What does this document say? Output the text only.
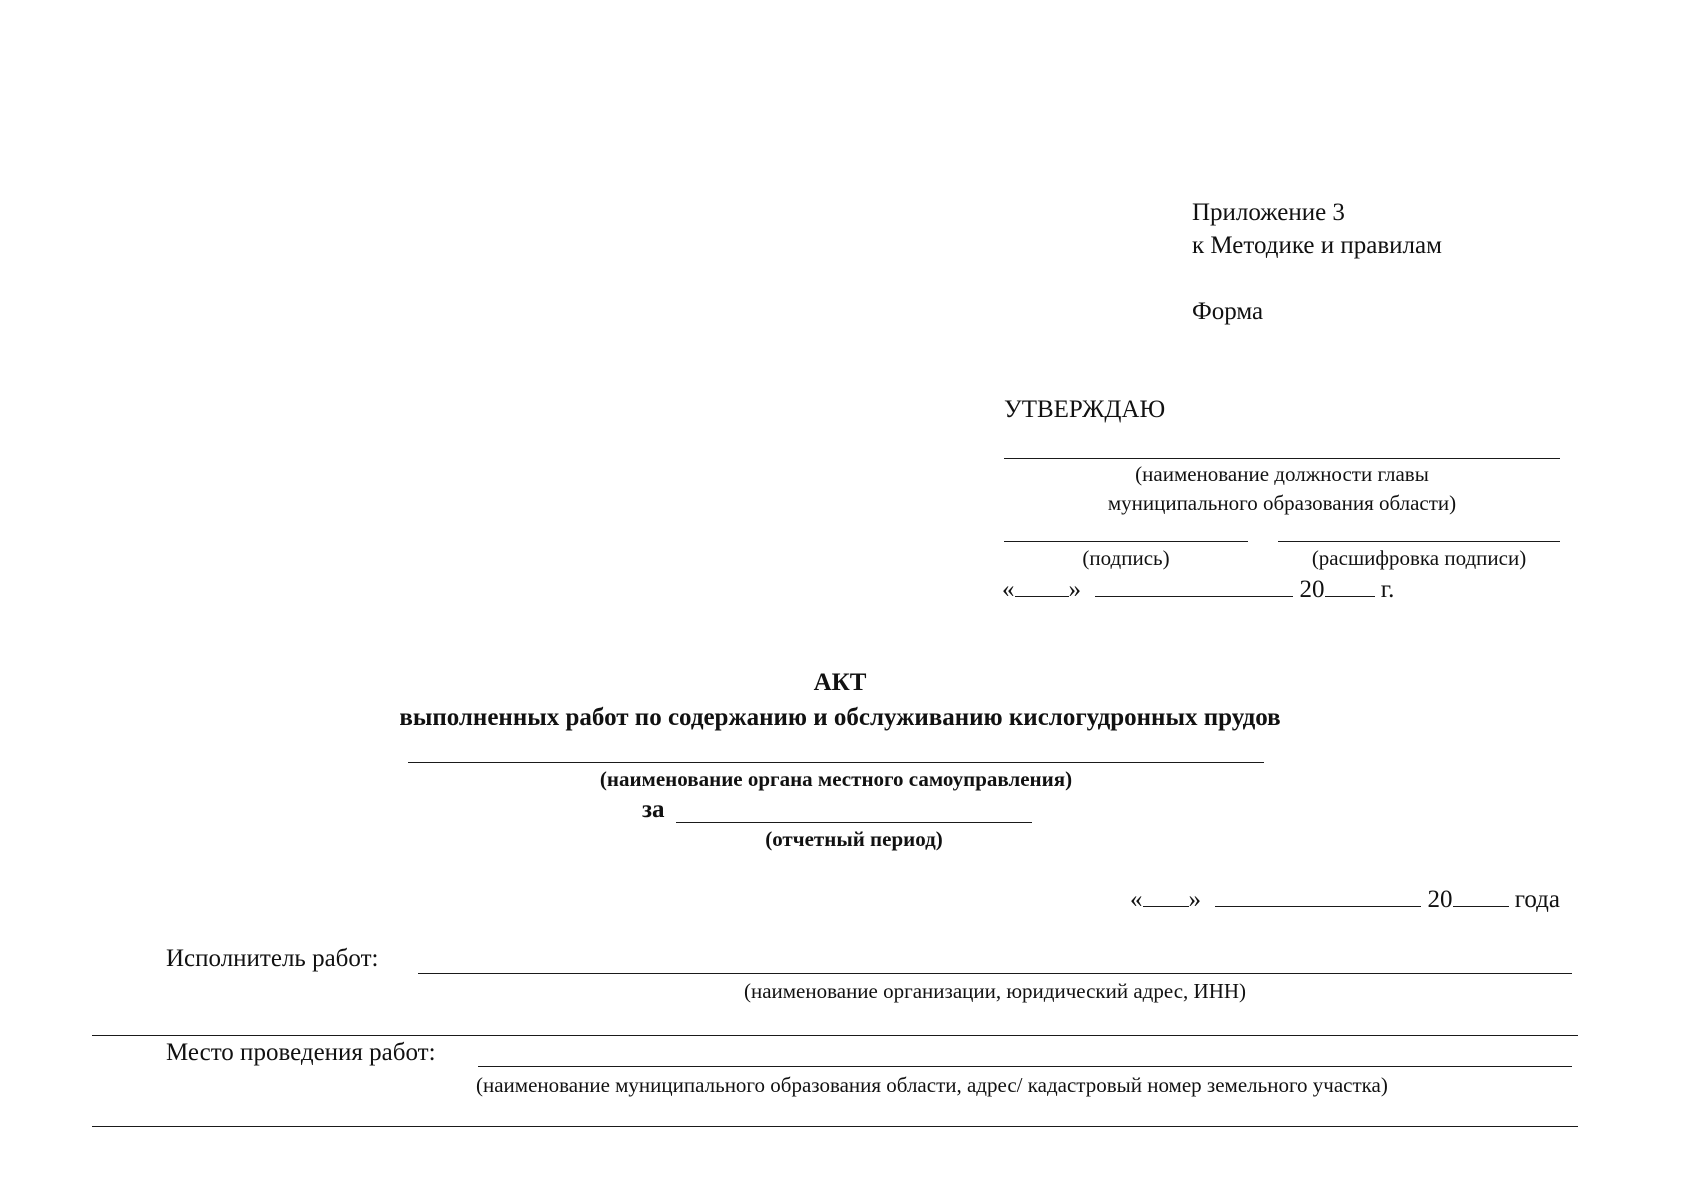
Приложение 3
к Методике и правилам
Форма
УТВЕРЖДАЮ
(наименование должности главы
муниципального образования области)
(подпись)	(расшифровка подписи)
« »	20 г.
АКТ
выполненных работ по содержанию и обслуживанию кислогудронных прудов
(наименование органа местного самоуправления)
за
(отчетный период)
« »	20 года
Исполнитель работ:
(наименование организации, юридический адрес, ИНН)
Место проведения работ:
(наименование муниципального образования области, адрес/ кадастровый номер земельного участка)
